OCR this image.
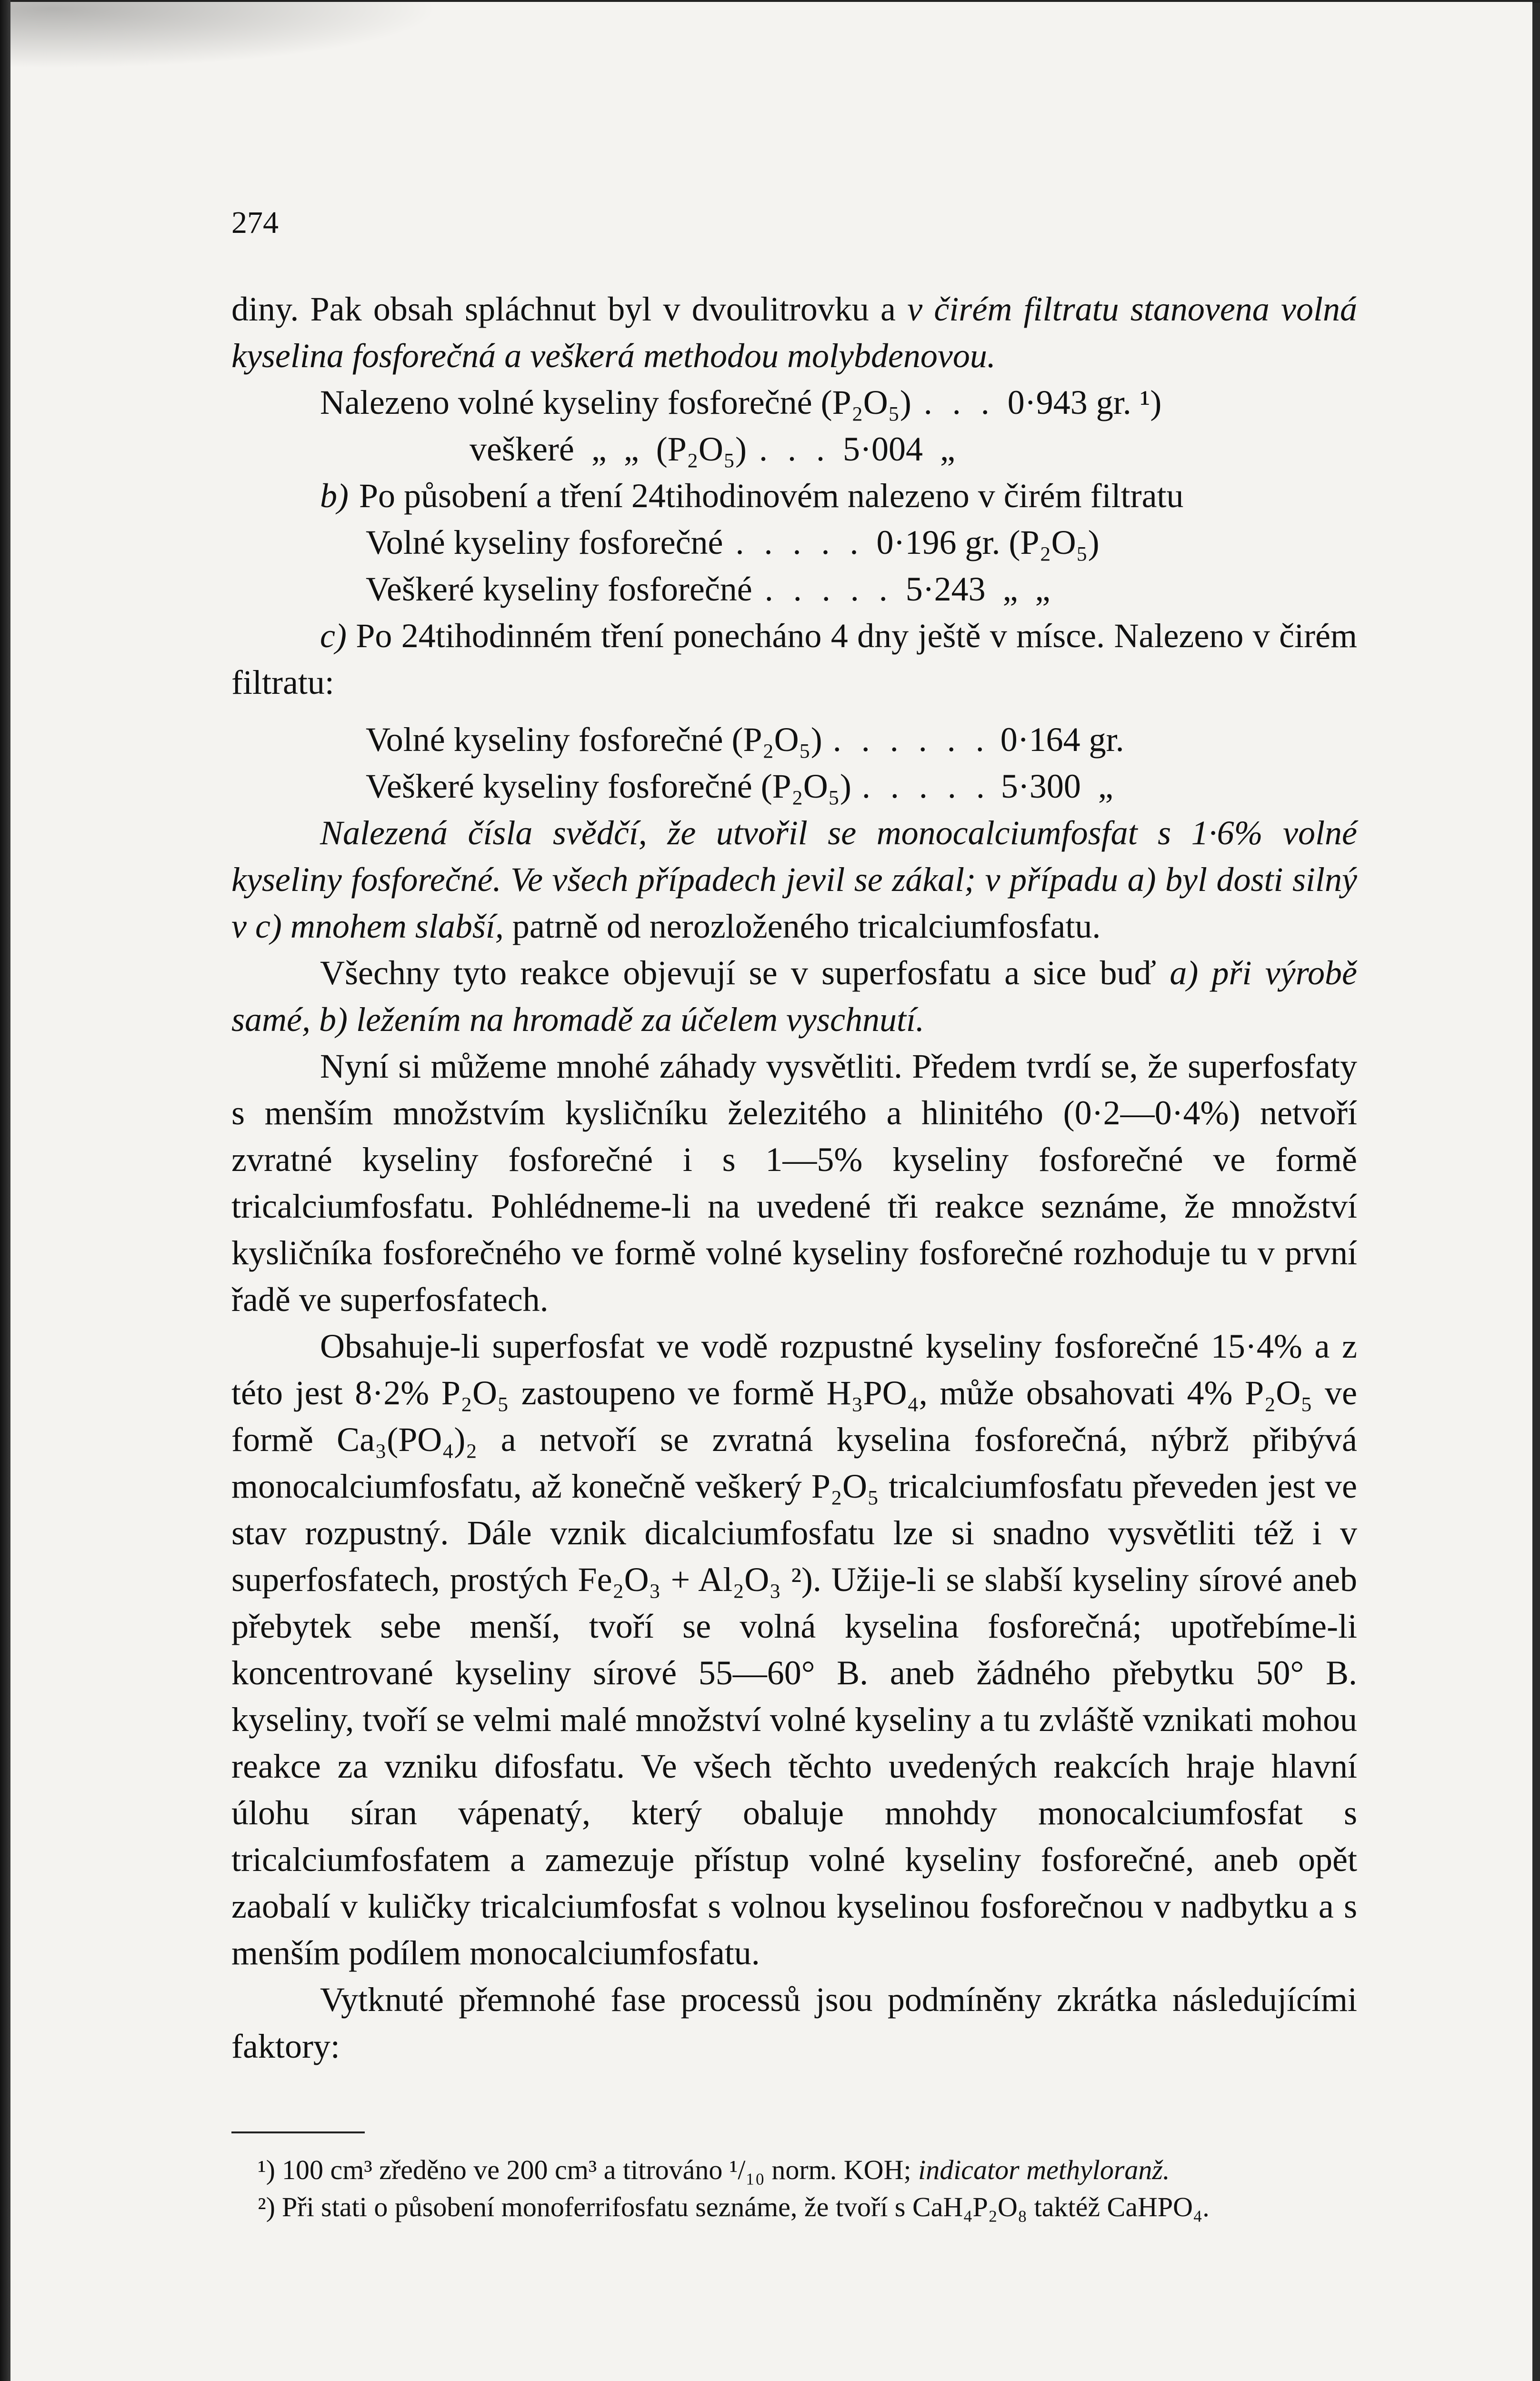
274

diny. Pak obsah spláchnut byl v dvoulitrovku a v čirém filtratu stanovena volná kyselina fosforečná a veškerá methodou molybdenovou.

Nalezeno volné kyseliny fosforečné (P₂O₅) . . . 0·943 gr. ¹)
veškeré  „  „  (P₂O₅) . . . 5·004  „
b) Po působení a tření 24tihodinovém nalezeno v čirém filtratu
Volné kyseliny fosforečné . . . . . 0·196 gr. (P₂O₅)
Veškeré kyseliny fosforečné . . . . . 5·243  „  „

c) Po 24tihodinném tření ponecháno 4 dny ještě v mísce. Nalezeno v čirém filtratu:

Volné kyseliny fosforečné (P₂O₅) . . . . . . 0·164 gr.
Veškeré kyseliny fosforečné (P₂O₅) . . . . . 5·300  „

Nalezená čísla svědčí, že utvořil se monocalciumfosfat s 1·6% volné kyseliny fosforečné. Ve všech případech jevil se zákal; v případu a) byl dosti silný v c) mnohem slabší, patrně od nerozloženého tricalciumfosfatu.

Všechny tyto reakce objevují se v superfosfatu a sice buď a) při výrobě samé, b) ležením na hromadě za účelem vyschnutí.

Nyní si můžeme mnohé záhady vysvětliti. Předem tvrdí se, že superfosfaty s menším množstvím kysličníku železitého a hlinitého (0·2—0·4%) netvoří zvratné kyseliny fosforečné i s 1—5% kyseliny fosforečné ve formě tricalciumfosfatu. Pohlédneme-li na uvedené tři reakce seznáme, že množství kysličníka fosforečného ve formě volné kyseliny fosforečné rozhoduje tu v první řadě ve superfosfatech.

Obsahuje-li superfosfat ve vodě rozpustné kyseliny fosforečné 15·4% a z této jest 8·2% P₂O₅ zastoupeno ve formě H₃PO₄, může obsahovati 4% P₂O₅ ve formě Ca₃(PO₄)₂ a netvoří se zvratná kyselina fosforečná, nýbrž přibývá monocalciumfosfatu, až konečně veškerý P₂O₅ tricalciumfosfatu převeden jest ve stav rozpustný. Dále vznik dicalciumfosfatu lze si snadno vysvětliti též i v superfosfatech, prostých Fe₂O₃ + Al₂O₃ ²). Užije-li se slabší kyseliny sírové aneb přebytek sebe menší, tvoří se volná kyselina fosforečná; upotřebíme-li koncentrované kyseliny sírové 55—60° B. aneb žádného přebytku 50° B. kyseliny, tvoří se velmi malé množství volné kyseliny a tu zvláště vznikati mohou reakce za vzniku difosfatu. Ve všech těchto uvedených reakcích hraje hlavní úlohu síran vápenatý, který obaluje mnohdy monocalciumfosfat s tricalciumfosfatem a zamezuje přístup volné kyseliny fosforečné, aneb opět zaobalí v kuličky tricalciumfosfat s volnou kyselinou fosforečnou v nadbytku a s menším podílem monocalciumfosfatu.

Vytknuté přemnohé fase processů jsou podmíněny zkrátka následujícími faktory:

¹) 100 cm³ zředěno ve 200 cm³ a titrováno ¹/₁₀ norm. KOH; indicator methyloranž.

²) Při stati o působení monoferrifosfatu seznáme, že tvoří s CaH₄P₂O₈ taktéž CaHPO₄.
